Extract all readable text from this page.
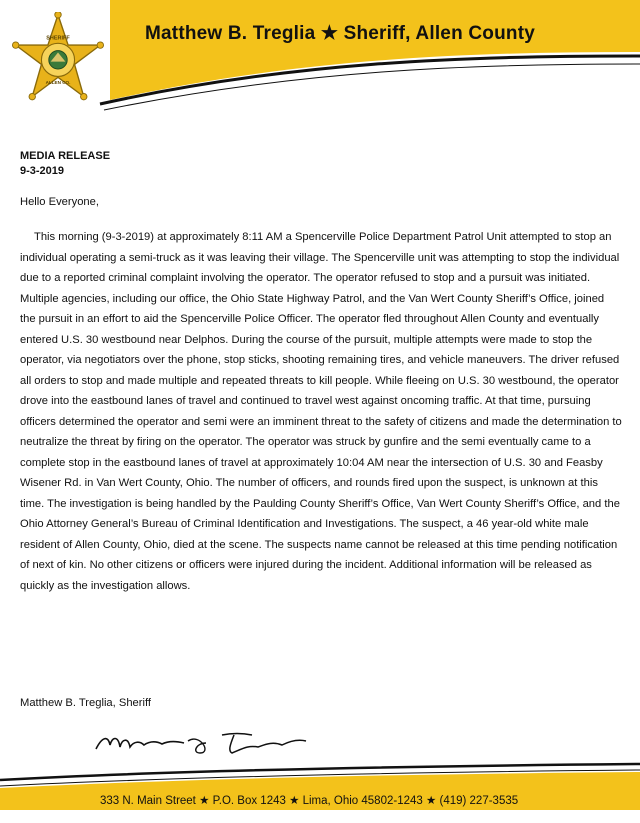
SHERIFF
ALLEN CO.
Matthew B. Treglia ★ Sheriff, Allen County
MEDIA RELEASE
9-3-2019
Hello Everyone,
This morning (9-3-2019) at approximately 8:11 AM a Spencerville Police Department Patrol Unit attempted to stop an individual operating a semi-truck as it was leaving their village. The Spencerville unit was attempting to stop the individual due to a reported criminal complaint involving the operator. The operator refused to stop and a pursuit was initiated. Multiple agencies, including our office, the Ohio State Highway Patrol, and the Van Wert County Sheriff’s Office, joined the pursuit in an effort to aid the Spencerville Police Officer. The operator fled throughout Allen County and eventually entered U.S. 30 westbound near Delphos. During the course of the pursuit, multiple attempts were made to stop the operator, via negotiators over the phone, stop sticks, shooting remaining tires, and vehicle maneuvers. The driver refused all orders to stop and made multiple and repeated threats to kill people. While fleeing on U.S. 30 westbound, the operator drove into the eastbound lanes of travel and continued to travel west against oncoming traffic. At that time, pursuing officers determined the operator and semi were an imminent threat to the safety of citizens and made the determination to neutralize the threat by firing on the operator. The operator was struck by gunfire and the semi eventually came to a complete stop in the eastbound lanes of travel at approximately 10:04 AM near the intersection of U.S. 30 and Feasby Wisener Rd. in Van Wert County, Ohio. The number of officers, and rounds fired upon the suspect, is unknown at this time. The investigation is being handled by the Paulding County Sheriff’s Office, Van Wert County Sheriff’s Office, and the Ohio Attorney General’s Bureau of Criminal Identification and Investigations. The suspect, a 46 year-old white male resident of Allen County, Ohio, died at the scene. The suspects name cannot be released at this time pending notification of next of kin. No other citizens or officers were injured during the incident. Additional information will be released as quickly as the investigation allows.
Matthew B. Treglia, Sheriff
333 N. Main Street ★ P.O. Box 1243 ★ Lima, Ohio 45802-1243 ★ (419) 227-3535
